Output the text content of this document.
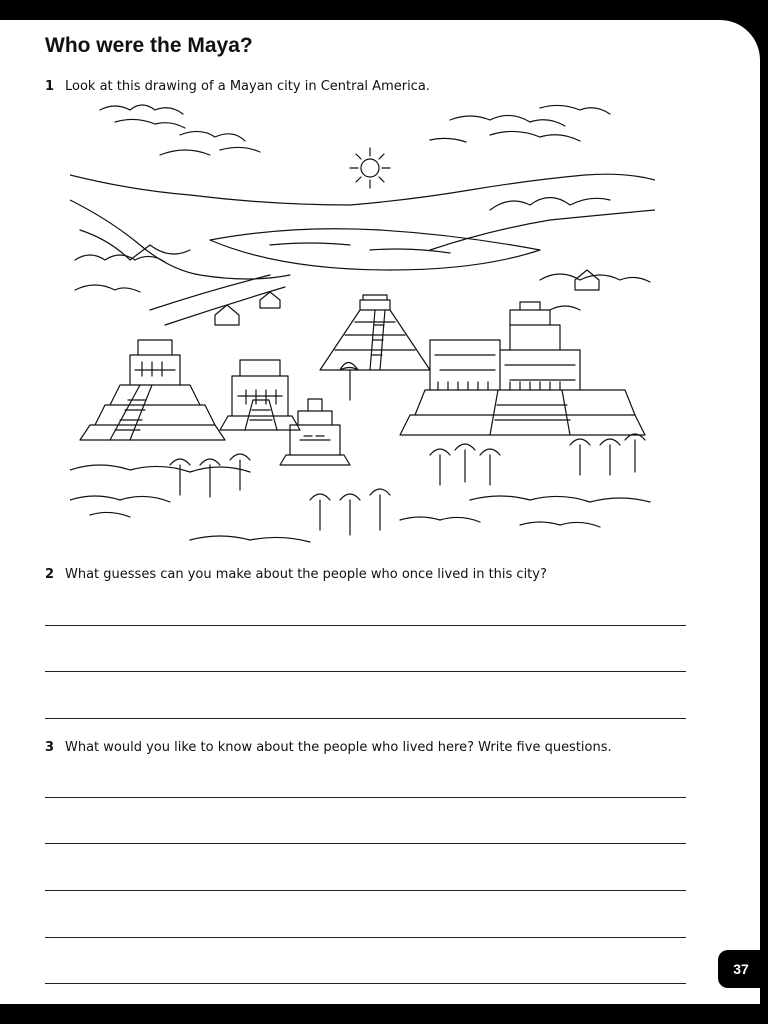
Who were the Maya?
1 Look at this drawing of a Mayan city in Central America.
2 What guesses can you make about the people who once lived in this city?
3 What would you like to know about the people who lived here? Write five questions.
3 The Maya
37
